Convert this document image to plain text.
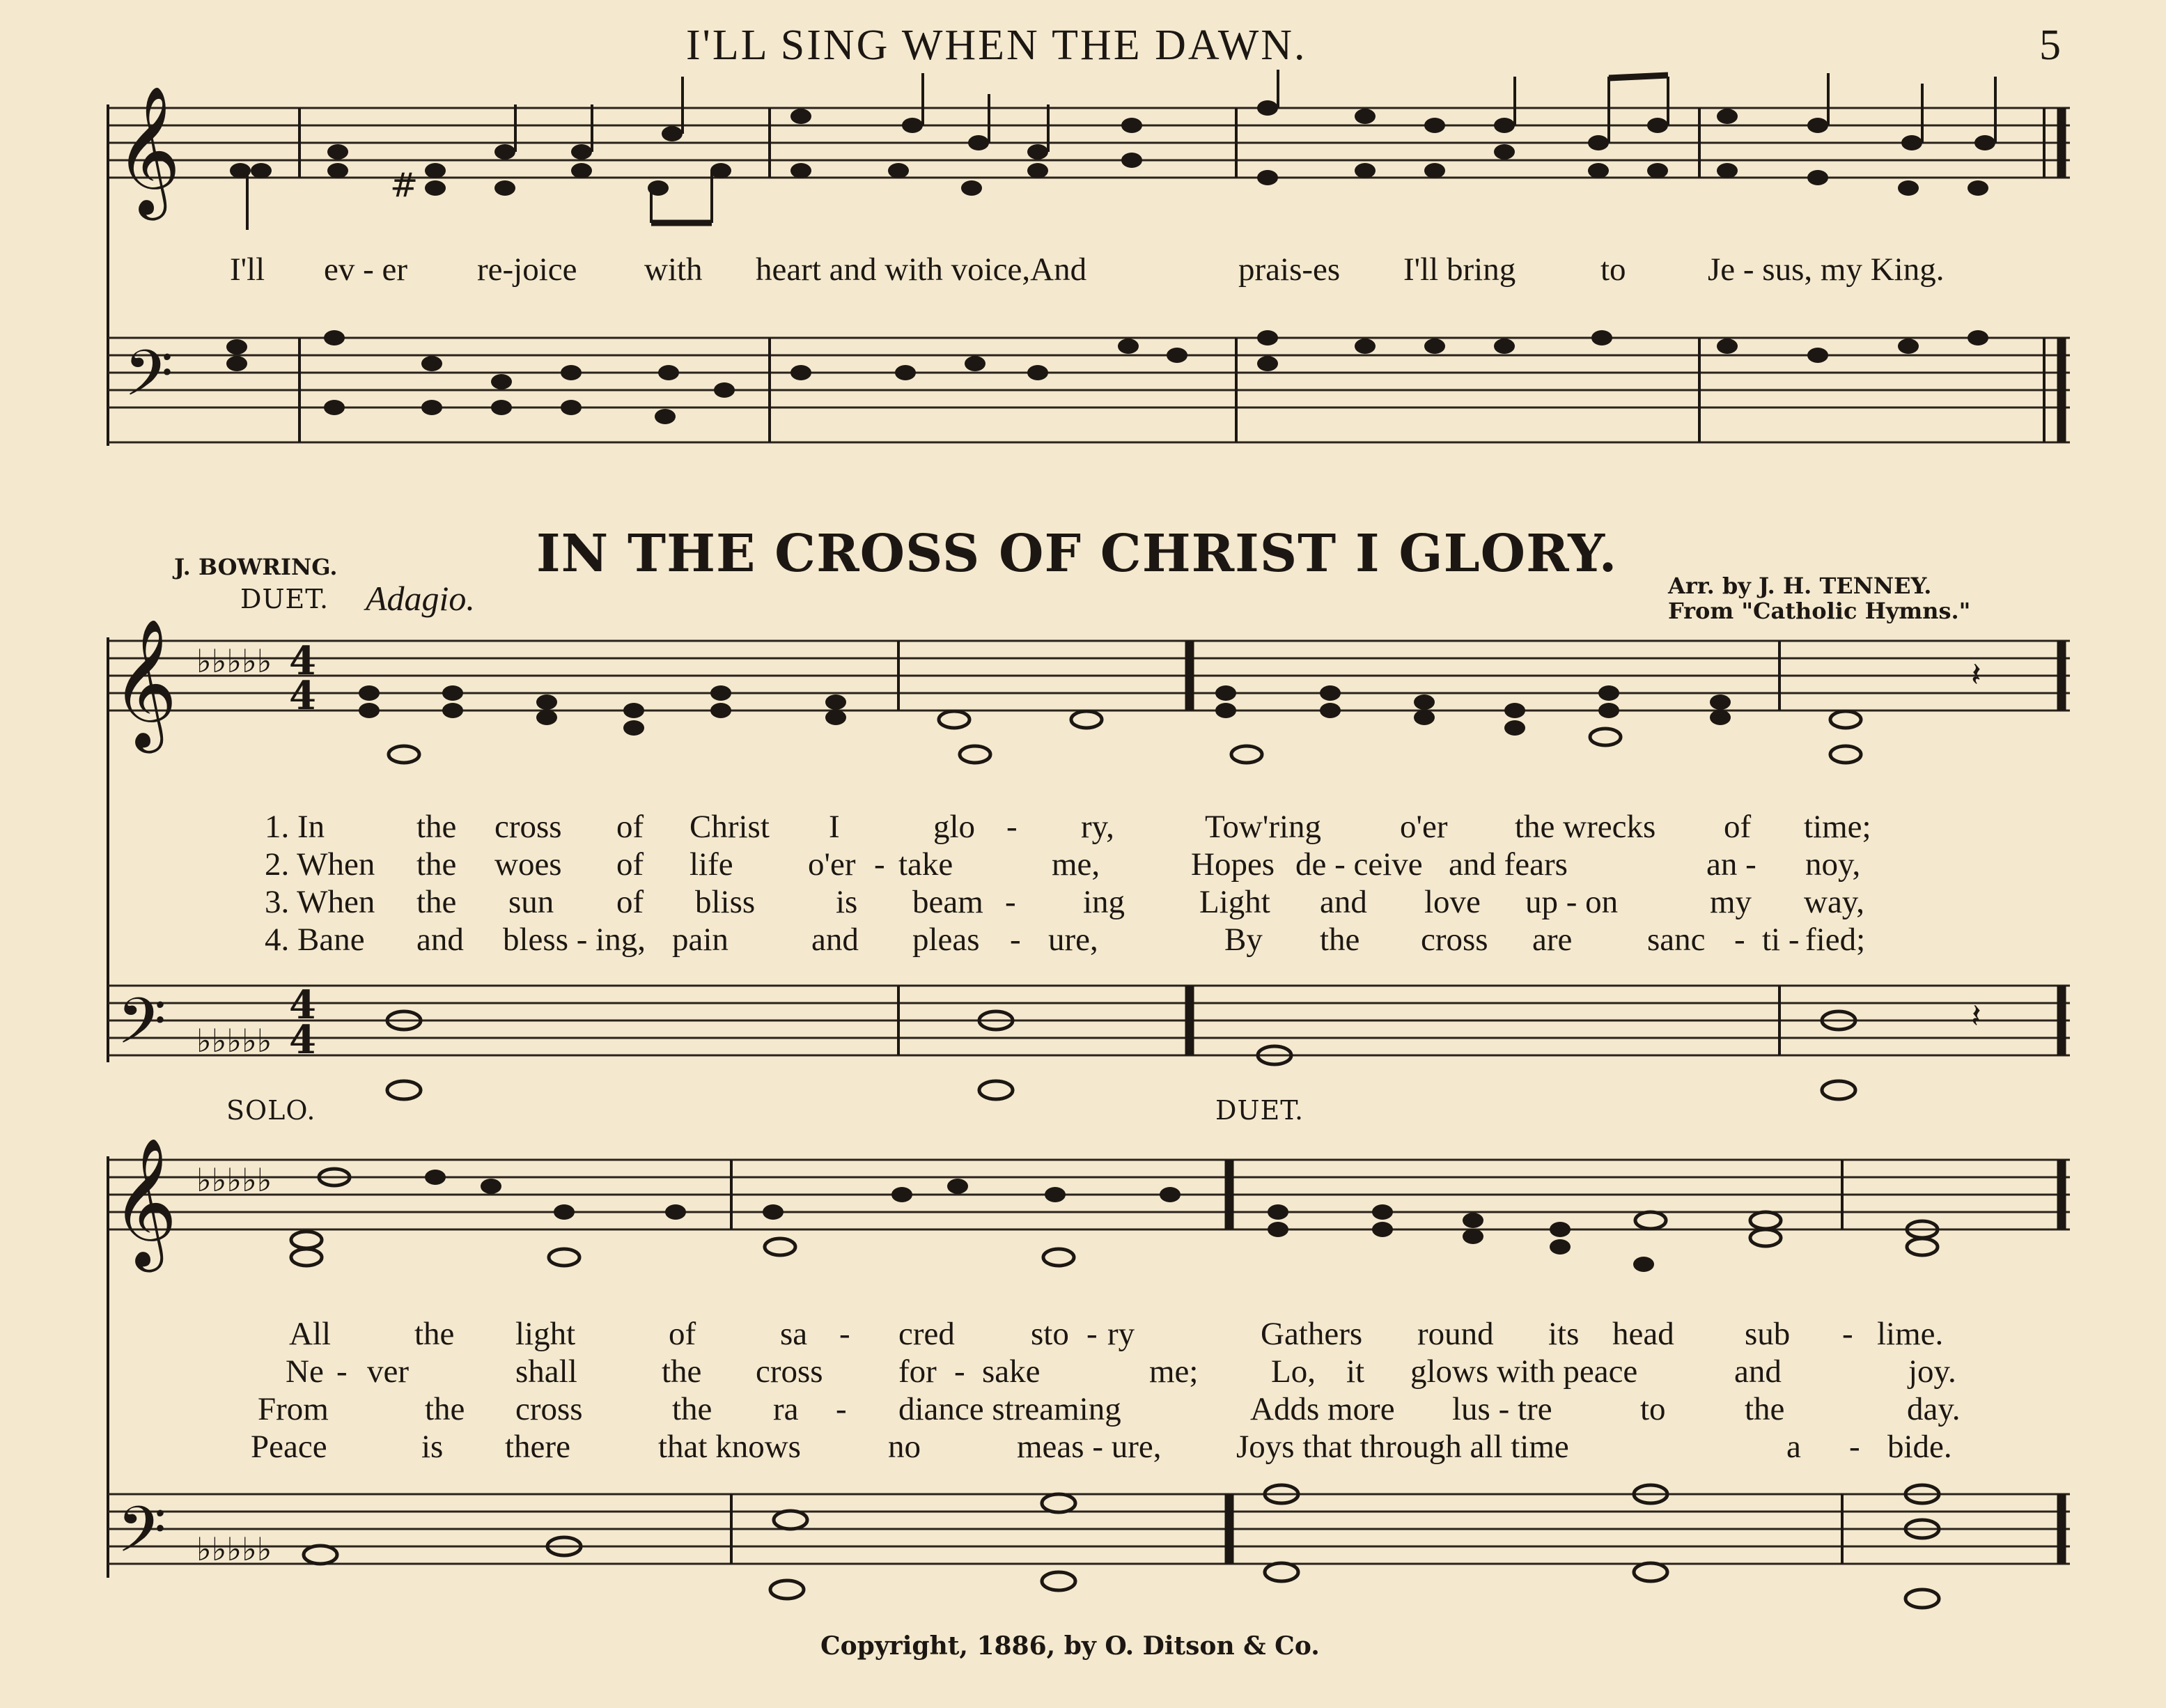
I'LL SING WHEN THE DAWN.	5
𝄞	#
𝄢
𝄞 ♭♭♭♭♭ 4
4	𝄽
𝄢 ♭♭♭♭♭
4
4
𝄽
𝄞 ♭♭♭♭♭
𝄢 ♭♭♭♭♭
I'll ev - er re-joice with heart and with voice,And	prais-es I'll bring	to Je - sus, my King.
J. BOWRING.
DUET. Adagio.
IN THE CROSS OF CHRIST I GLORY.
Arr. by J. H. TENNEY.
From "Catholic Hymns."
1. In	the cross of Christ I	glo - ry,	Tow'ring o'er the wrecks of time;
2. When the woes of life o'er - take	me,	Hopes de - ceive and fears	an - noy,
3. When the sun of bliss is beam - ing Light and love up - on	my way,
4. Bane and bless - ing, pain	and pleas - ure,	By the cross are sanc - ti - fied;
SOLO.	DUET.
All	the light	of	sa - cred sto - ry	Gathers round its head sub - lime.
Ne - ver	shall	the cross for - sake	me; Lo, it glows with peace	and	joy.
From	the cross	the ra - diance streaming	Adds more lus - tre	to the	day.
Peace	is there	that knows	no	meas - ure, Joys that through all time	a - bide.
Copyright, 1886, by O. Ditson & Co.
